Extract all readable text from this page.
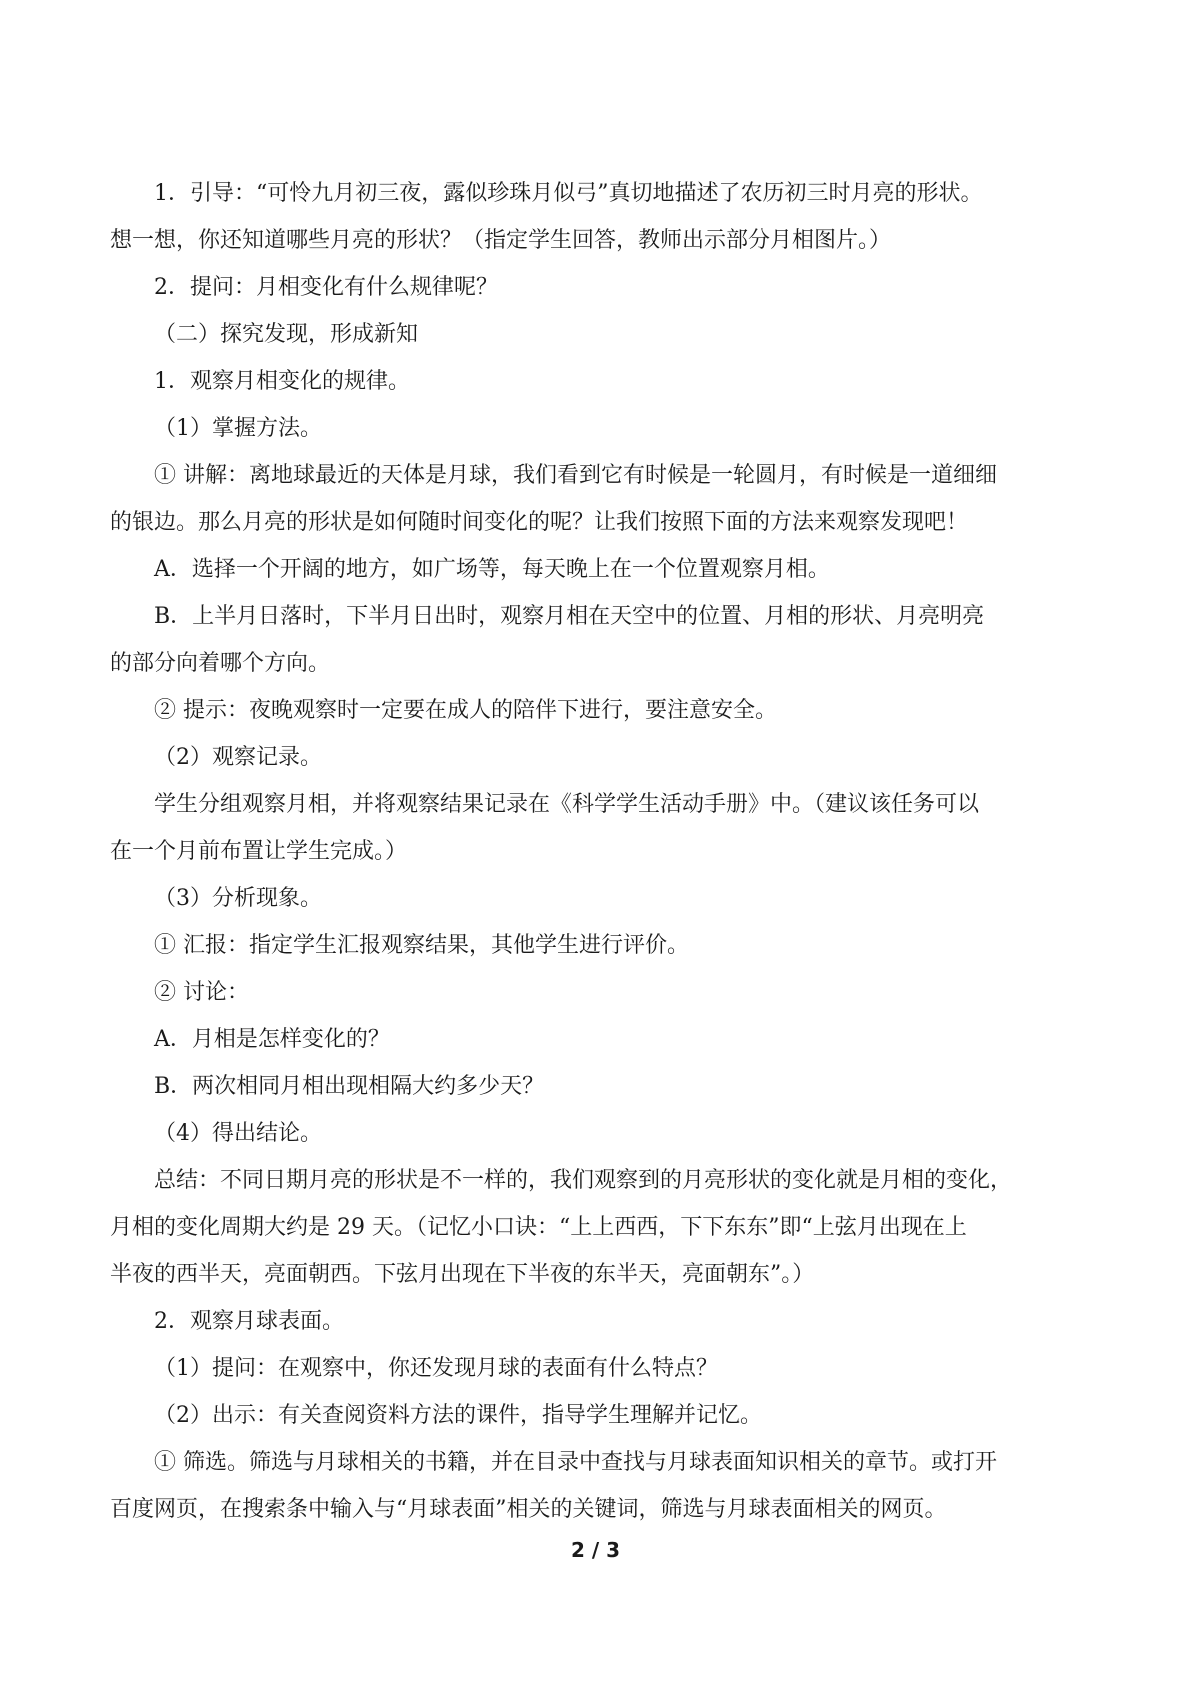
1．引导：“可怜九月初三夜，露似珍珠月似弓”真切地描述了农历初三时月亮的形状。
想一想，你还知道哪些月亮的形状？（指定学生回答，教师出示部分月相图片。）

2．提问：月相变化有什么规律呢？

（二）探究发现，形成新知

1．观察月相变化的规律。

（1）掌握方法。

① 讲解：离地球最近的天体是月球，我们看到它有时候是一轮圆月，有时候是一道细细
的银边。那么月亮的形状是如何随时间变化的呢？让我们按照下面的方法来观察发现吧！

A．选择一个开阔的地方，如广场等，每天晚上在一个位置观察月相。

B．上半月日落时，下半月日出时，观察月相在天空中的位置、月相的形状、月亮明亮
的部分向着哪个方向。

② 提示：夜晚观察时一定要在成人的陪伴下进行，要注意安全。

（2）观察记录。

学生分组观察月相，并将观察结果记录在《科学学生活动手册》中。（建议该任务可以
在一个月前布置让学生完成。）

（3）分析现象。

① 汇报：指定学生汇报观察结果，其他学生进行评价。

② 讨论：

A．月相是怎样变化的？

B．两次相同月相出现相隔大约多少天？

（4）得出结论。

总结：不同日期月亮的形状是不一样的，我们观察到的月亮形状的变化就是月相的变化，
月相的变化周期大约是 29 天。（记忆小口诀：“上上西西，下下东东”即“上弦月出现在上
半夜的西半天，亮面朝西。下弦月出现在下半夜的东半天，亮面朝东”。）

2．观察月球表面。

（1）提问：在观察中，你还发现月球的表面有什么特点？

（2）出示：有关查阅资料方法的课件，指导学生理解并记忆。

① 筛选。筛选与月球相关的书籍，并在目录中查找与月球表面知识相关的章节。或打开
百度网页，在搜索条中输入与“月球表面”相关的关键词，筛选与月球表面相关的网页。

2 / 3
